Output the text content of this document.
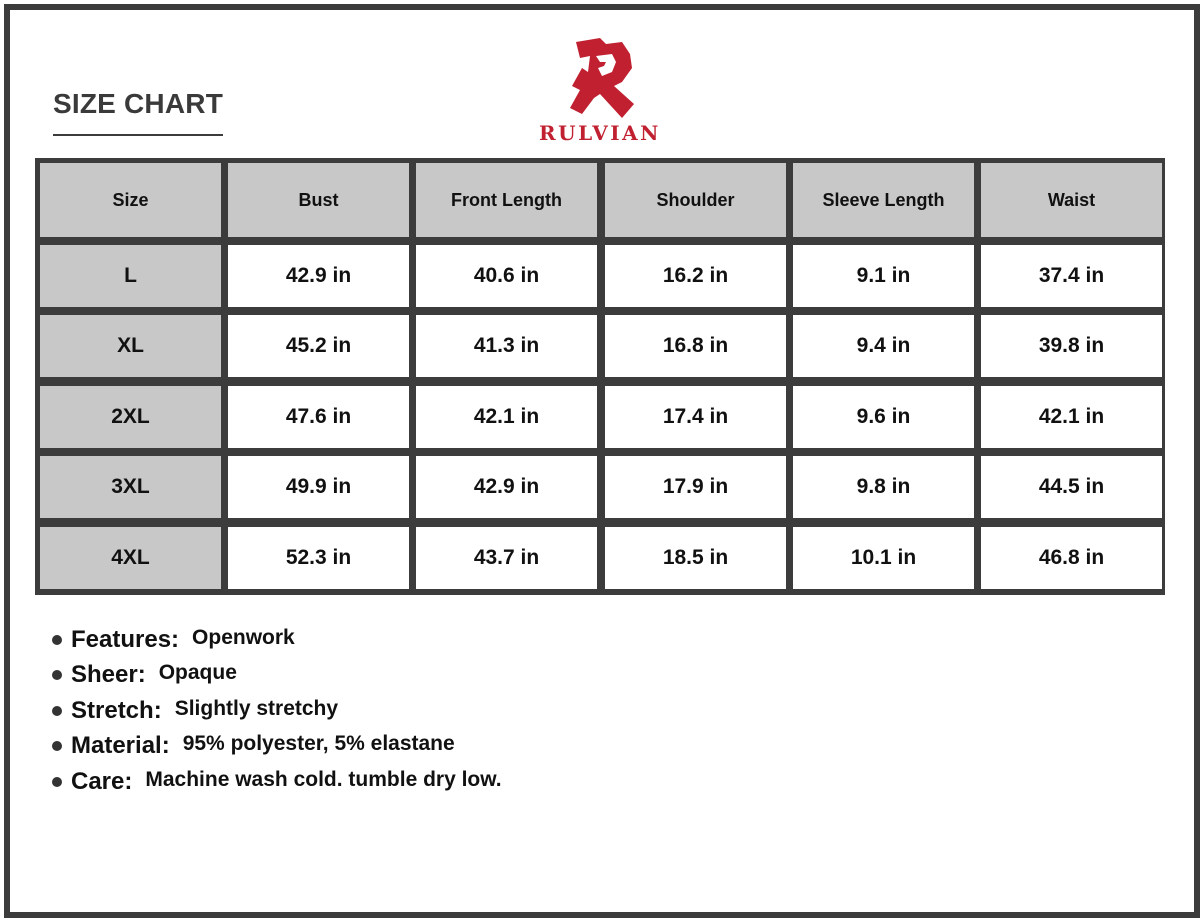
SIZE CHART
RULVIAN
Size	Bust	Front Length	Shoulder	Sleeve Length	Waist
L	42.9 in	40.6 in	16.2 in	9.1 in	37.4 in
XL	45.2 in	41.3 in	16.8 in	9.4 in	39.8 in
2XL	47.6 in	42.1 in	17.4 in	9.6 in	42.1 in
3XL	49.9 in	42.9 in	17.9 in	9.8 in	44.5 in
4XL	52.3 in	43.7 in	18.5 in	10.1 in	46.8 in
Features: Openwork
Sheer: Opaque
Stretch: Slightly stretchy
Material: 95% polyester, 5% elastane
Care: Machine wash cold. tumble dry low.
